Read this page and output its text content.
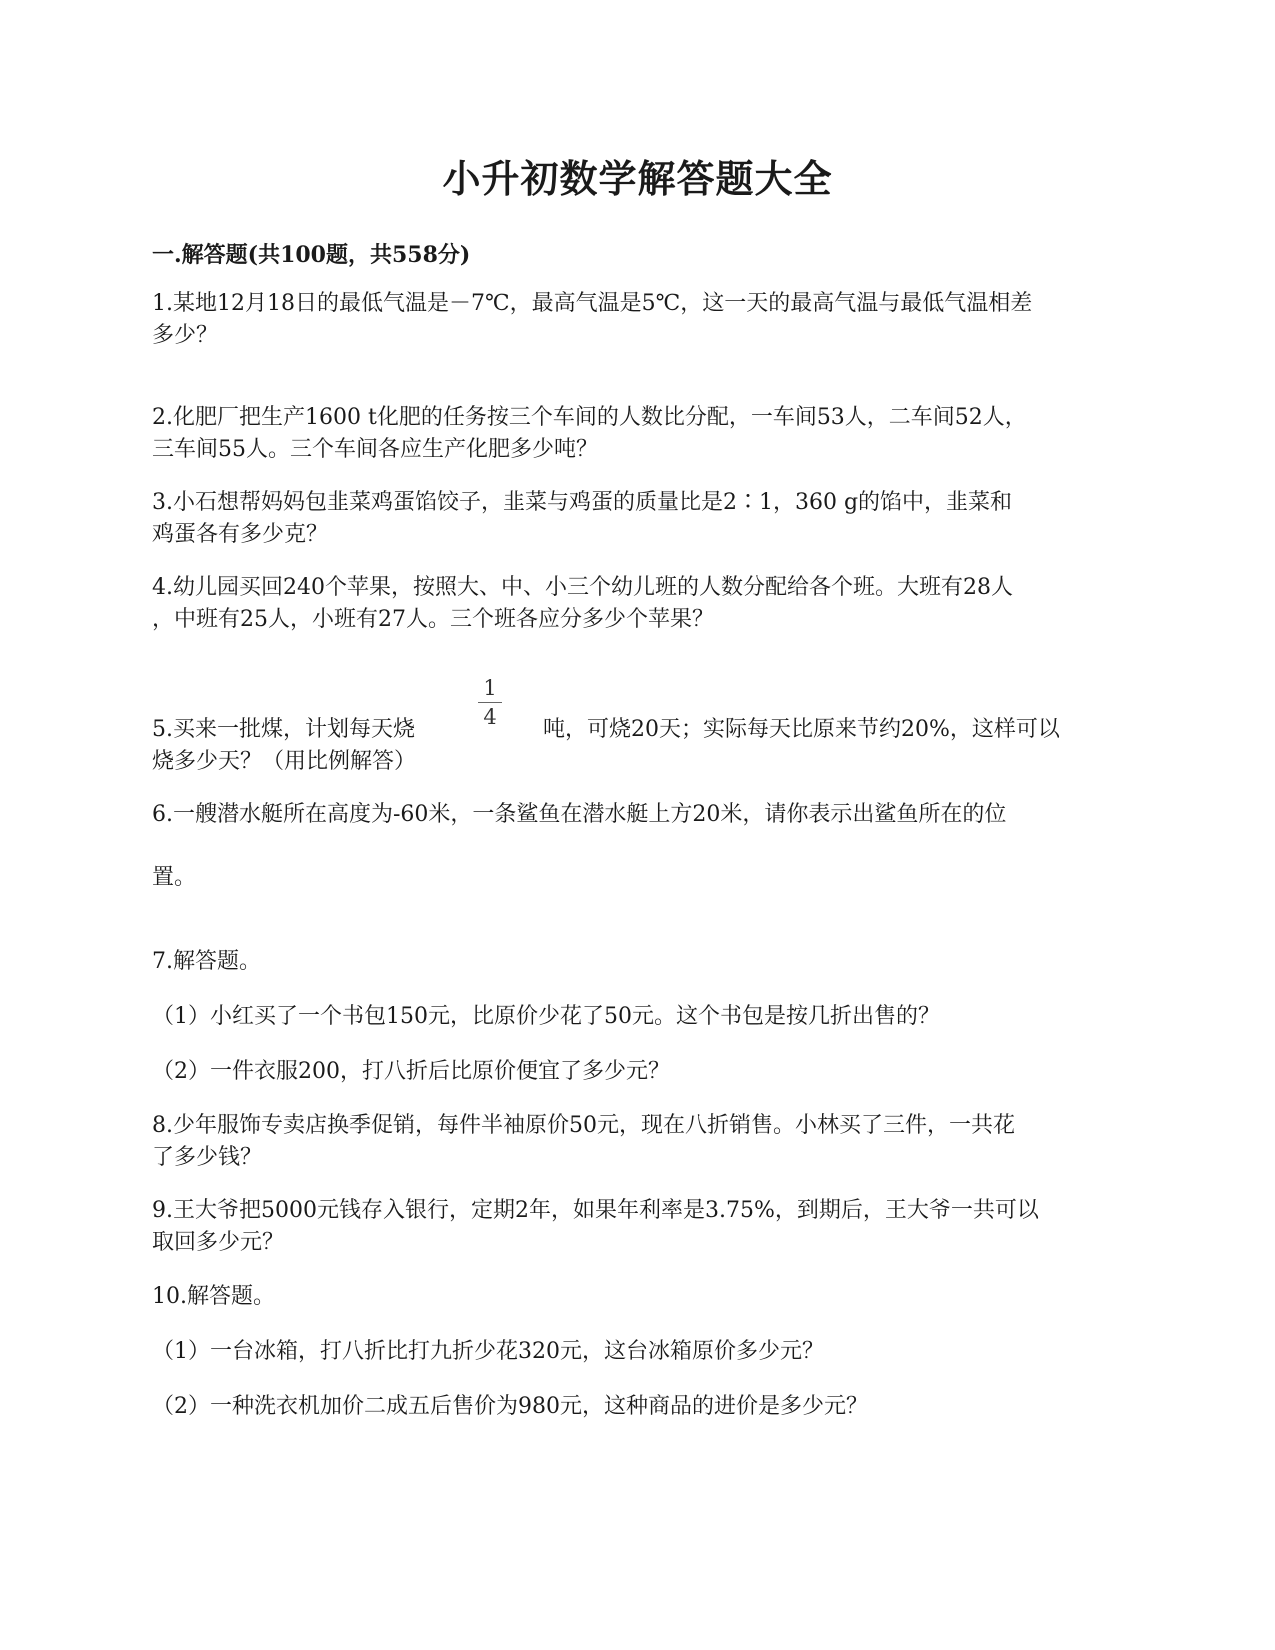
小升初数学解答题大全
一.解答题(共100题，共558分)
1.某地12月18日的最低气温是－7℃，最高气温是5℃，这一天的最高气温与最低气温相差
多少？
2.化肥厂把生产1600 t化肥的任务按三个车间的人数比分配，一车间53人，二车间52人，
三车间55人。三个车间各应生产化肥多少吨？
3.小石想帮妈妈包韭菜鸡蛋馅饺子，韭菜与鸡蛋的质量比是2∶1，360 g的馅中，韭菜和
鸡蛋各有多少克？
4.幼儿园买回240个苹果，按照大、中、小三个幼儿班的人数分配给各个班。大班有28人
，中班有25人，小班有27人。三个班各应分多少个苹果？
1
4
5.买来一批煤，计划每天烧	吨，可烧20天；实际每天比原来节约20%，这样可以
烧多少天？（用比例解答）
6.一艘潜水艇所在高度为-60米，一条鲨鱼在潜水艇上方20米，请你表示出鲨鱼所在的位
置。
7.解答题。
（1）小红买了一个书包150元，比原价少花了50元。这个书包是按几折出售的？
（2）一件衣服200，打八折后比原价便宜了多少元？
8.少年服饰专卖店换季促销，每件半袖原价50元，现在八折销售。小林买了三件，一共花
了多少钱？
9.王大爷把5000元钱存入银行，定期2年，如果年利率是3.75%，到期后，王大爷一共可以
取回多少元？
10.解答题。
（1）一台冰箱，打八折比打九折少花320元，这台冰箱原价多少元？
（2）一种洗衣机加价二成五后售价为980元，这种商品的进价是多少元？
